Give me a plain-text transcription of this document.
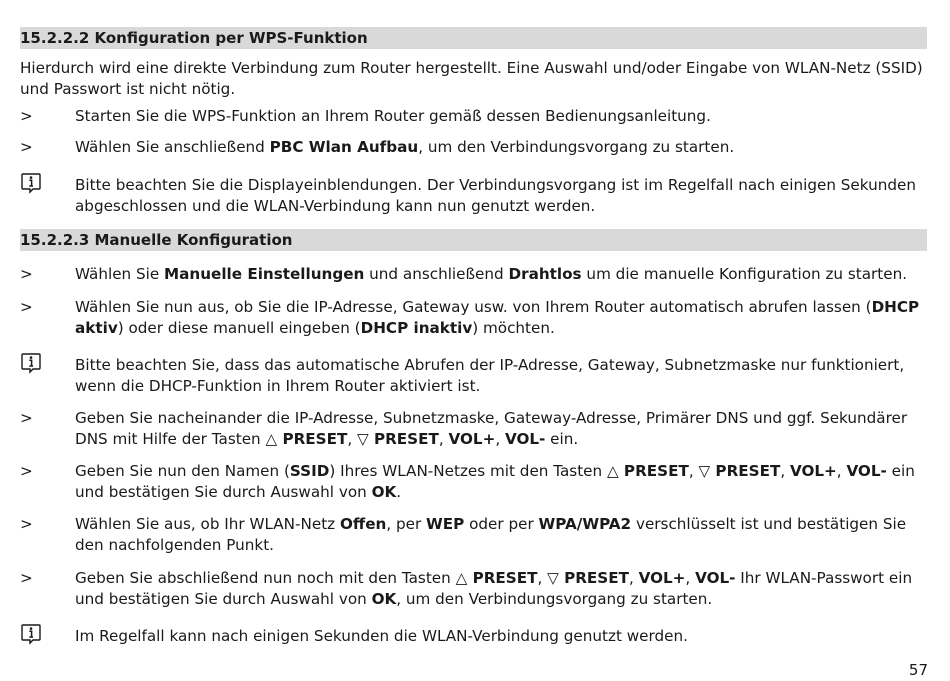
15.2.2.2 Konfiguration per WPS-Funktion
Hierdurch wird eine direkte Verbindung zum Router hergestellt. Eine Auswahl und/oder Eingabe von WLAN-Netz (SSID) und Passwort ist nicht nötig.
>	Starten Sie die WPS-Funktion an Ihrem Router gemäß dessen Bedienungsanleitung.
>	Wählen Sie anschließend PBC Wlan Aufbau, um den Verbindungsvorgang zu starten.
Bitte beachten Sie die Displayeinblendungen. Der Verbindungsvorgang ist im Regelfall nach einigen Sekunden abgeschlossen und die WLAN-Verbindung kann nun genutzt werden.
15.2.2.3 Manuelle Konfiguration
>	Wählen Sie Manuelle Einstellungen und anschließend Drahtlos um die manuelle Konfiguration zu starten.
>	Wählen Sie nun aus, ob Sie die IP-Adresse, Gateway usw. von Ihrem Router automatisch abrufen lassen (DHCP aktiv) oder diese manuell eingeben (DHCP inaktiv) möchten.
Bitte beachten Sie, dass das automatische Abrufen der IP-Adresse, Gateway, Subnetzmaske nur funktioniert, wenn die DHCP-Funktion in Ihrem Router aktiviert ist.
>	Geben Sie nacheinander die IP-Adresse, Subnetzmaske, Gateway-Adresse, Primärer DNS und ggf. Sekundärer DNS mit Hilfe der Tasten △ PRESET, ▽ PRESET, VOL+, VOL- ein.
>	Geben Sie nun den Namen (SSID) Ihres WLAN-Netzes mit den Tasten △ PRESET, ▽ PRESET, VOL+, VOL- ein und bestätigen Sie durch Auswahl von OK.
>	Wählen Sie aus, ob Ihr WLAN-Netz Offen, per WEP oder per WPA/WPA2 verschlüsselt ist und bestätigen Sie den nachfolgenden Punkt.
>	Geben Sie abschließend nun noch mit den Tasten △ PRESET, ▽ PRESET, VOL+, VOL- Ihr WLAN-Passwort ein und bestätigen Sie durch Auswahl von OK, um den Verbindungsvorgang zu starten.
Im Regelfall kann nach einigen Sekunden die WLAN-Verbindung genutzt werden.
57
